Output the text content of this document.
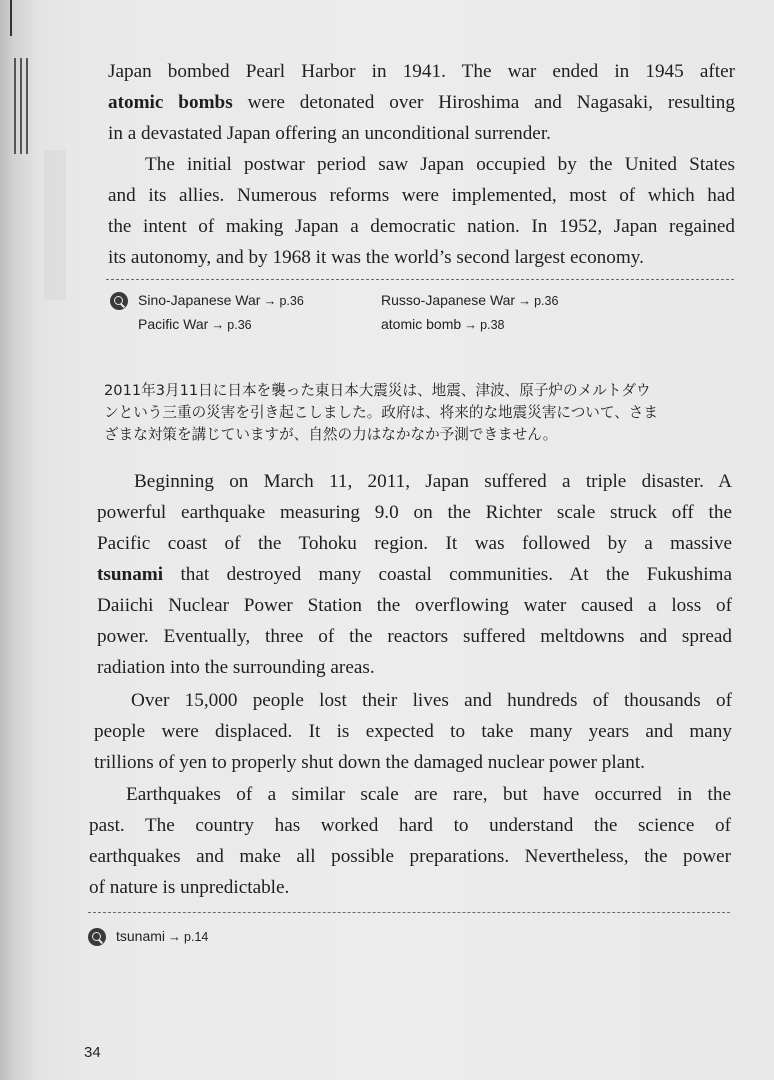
Japan bombed Pearl Harbor in 1941. The war ended in 1945 after
atomic bombs were detonated over Hiroshima and Nagasaki, resulting
in a devastated Japan offering an unconditional surrender.

The initial postwar period saw Japan occupied by the United States
and its allies. Numerous reforms were implemented, most of which had
the intent of making Japan a democratic nation. In 1952, Japan regained
its autonomy, and by 1968 it was the world’s second largest economy.

Sino-Japanese War → p.36	Russo-Japanese War → p.36
Pacific War → p.36	atomic bomb → p.38
2011年3月11日に日本を襲った東日本大震災は、地震、津波、原子炉のメルトダウ
ンという三重の災害を引き起こしました。政府は、将来的な地震災害について、さま
ざまな対策を講じていますが、自然の力はなかなか予測できません。

Beginning on March 11, 2011, Japan suffered a triple disaster. A
powerful earthquake measuring 9.0 on the Richter scale struck off the
Pacific coast of the Tohoku region. It was followed by a massive
tsunami that destroyed many coastal communities. At the Fukushima
Daiichi Nuclear Power Station the overflowing water caused a loss of
power. Eventually, three of the reactors suffered meltdowns and spread
radiation into the surrounding areas.

Over 15,000 people lost their lives and hundreds of thousands of
people were displaced. It is expected to take many years and many
trillions of yen to properly shut down the damaged nuclear power plant.

Earthquakes of a similar scale are rare, but have occurred in the
past. The country has worked hard to understand the science of
earthquakes and make all possible preparations. Nevertheless, the power
of nature is unpredictable.

tsunami → p.14
34
